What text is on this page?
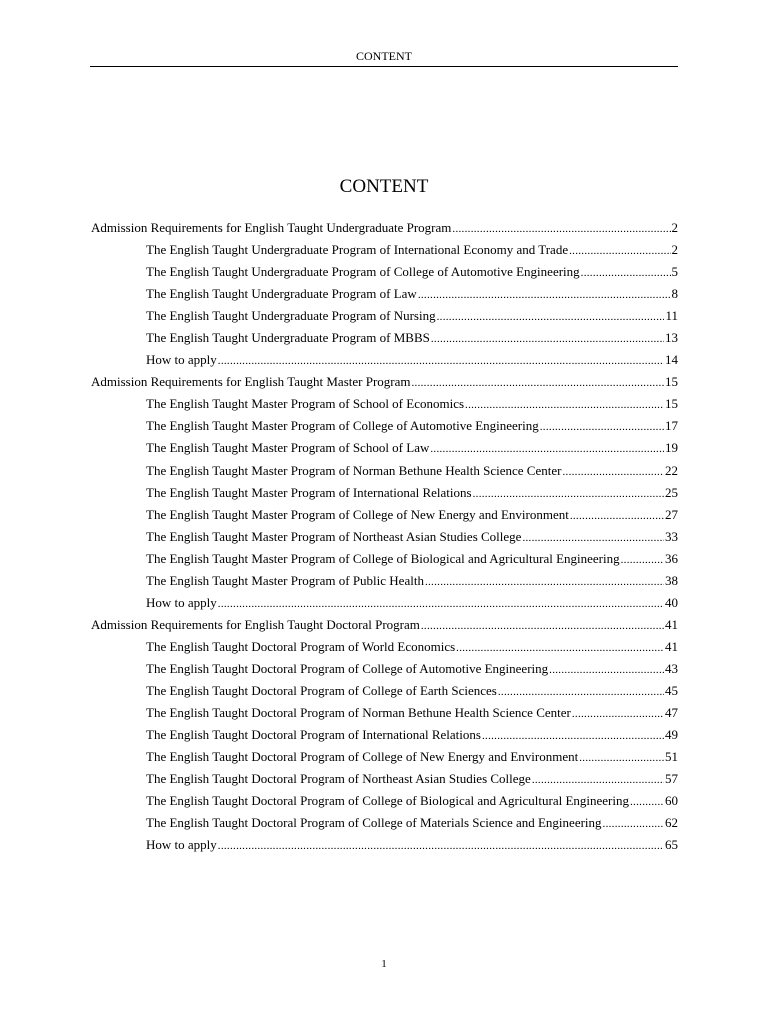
CONTENT
CONTENT
Admission Requirements for English Taught Undergraduate Program .....	2
The English Taught Undergraduate Program of International Economy and Trade .....	2
The English Taught Undergraduate Program of College of Automotive Engineering .....	5
The English Taught Undergraduate Program of Law .....	8
The English Taught Undergraduate Program of Nursing .....	11
The English Taught Undergraduate Program of MBBS .....	13
How to apply .....	14
Admission Requirements for English Taught Master Program .....	15
The English Taught Master Program of School of Economics .....	15
The English Taught Master Program of College of Automotive Engineering .....	17
The English Taught Master Program of School of Law .....	19
The English Taught Master Program of Norman Bethune Health Science Center .....	22
The English Taught Master Program of International Relations .....	25
The English Taught Master Program of College of New Energy and Environment .....	27
The English Taught Master Program of Northeast Asian Studies College .....	33
The English Taught Master Program of College of Biological and Agricultural Engineering .....	36
The English Taught Master Program of Public Health .....	38
How to apply .....	40
Admission Requirements for English Taught Doctoral Program .....	41
The English Taught Doctoral Program of World Economics .....	41
The English Taught Doctoral Program of College of Automotive Engineering .....	43
The English Taught Doctoral Program of College of Earth Sciences .....	45
The English Taught Doctoral Program of Norman Bethune Health Science Center .....	47
The English Taught Doctoral Program of International Relations .....	49
The English Taught Doctoral Program of College of New Energy and Environment .....	51
The English Taught Doctoral Program of Northeast Asian Studies College .....	57
The English Taught Doctoral Program of College of Biological and Agricultural Engineering .....	60
The English Taught Doctoral Program of College of Materials Science and Engineering .....	62
How to apply .....	65
1
